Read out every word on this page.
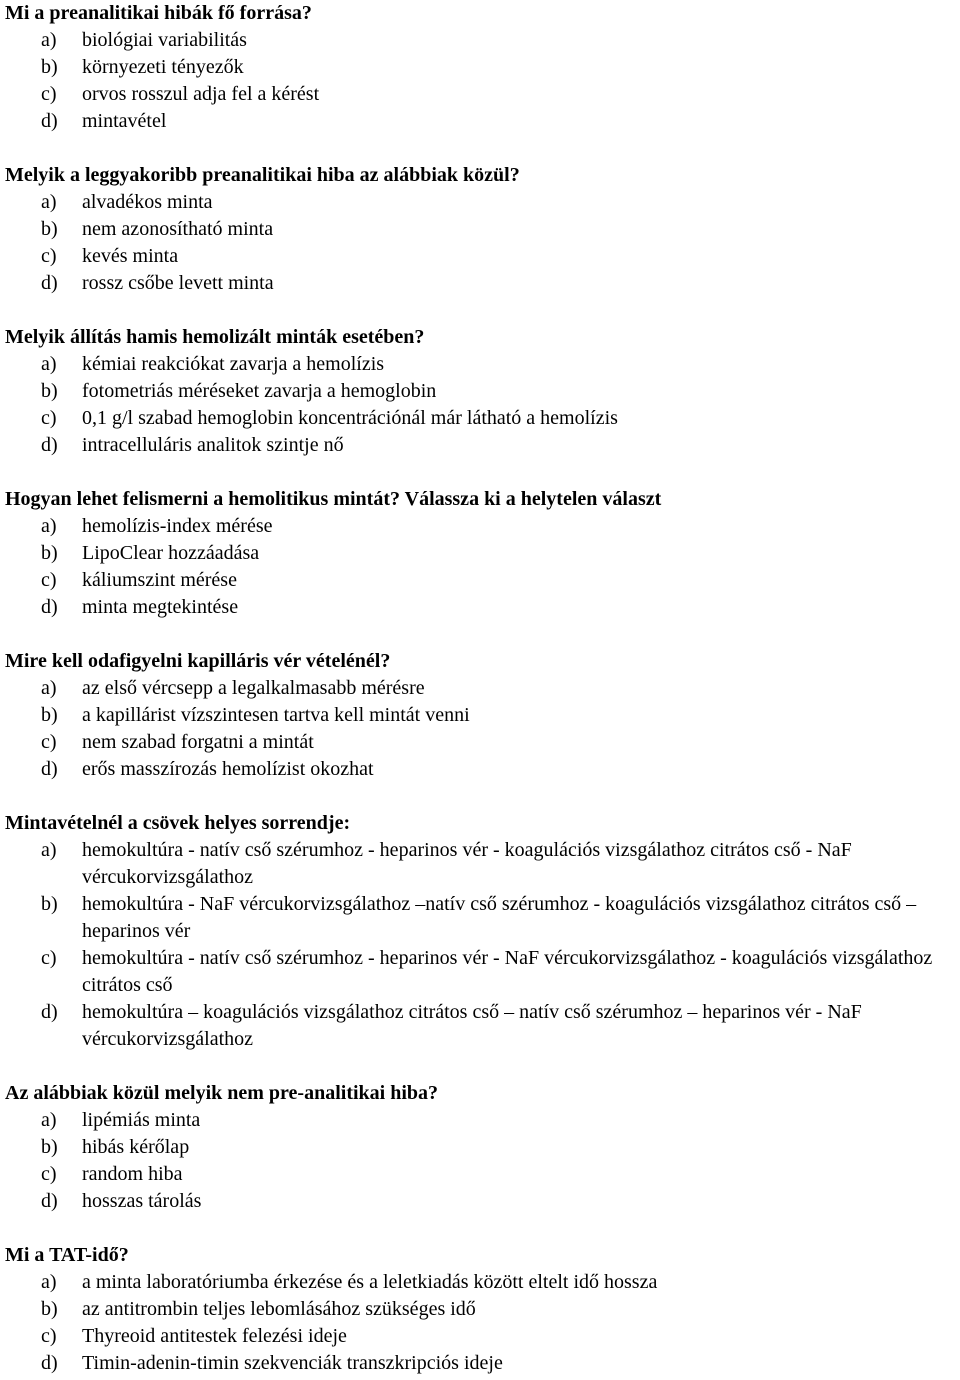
Mi a preanalitikai hibák fő forrása?

a)	biológiai variabilitás
b)	környezeti tényezők
c)	orvos rosszul adja fel a kérést
d)	mintavétel

Melyik a leggyakoribb preanalitikai hiba az alábbiak közül?

a)	alvadékos minta
b)	nem azonosítható minta
c)	kevés minta
d)	rossz csőbe levett minta

Melyik állítás hamis hemolizált minták esetében?

a)	kémiai reakciókat zavarja a hemolízis
b)	fotometriás méréseket zavarja a hemoglobin
c)	0,1 g/l szabad hemoglobin koncentrációnál már látható a hemolízis
d)	intracelluláris analitok szintje nő

Hogyan lehet felismerni a hemolitikus mintát? Válassza ki a helytelen választ

a)	hemolízis-index mérése
b)	LipoClear hozzáadása
c)	káliumszint mérése
d)	minta megtekintése

Mire kell odafigyelni kapilláris vér vételénél?

a)	az első vércsepp a legalkalmasabb mérésre
b)	a kapillárist vízszintesen tartva kell mintát venni
c)	nem szabad forgatni a mintát
d)	erős masszírozás hemolízist okozhat

Mintavételnél a csövek helyes sorrendje:

a)	hemokultúra - natív cső szérumhoz - heparinos vér - koagulációs vizsgálathoz citrátos cső - NaF vércukorvizsgálathoz
b)	hemokultúra - NaF vércukorvizsgálathoz –natív cső szérumhoz - koagulációs vizsgálathoz citrátos cső – heparinos vér
c)	hemokultúra - natív cső szérumhoz - heparinos vér - NaF vércukorvizsgálathoz - koagulációs vizsgálathoz citrátos cső
d)	hemokultúra – koagulációs vizsgálathoz citrátos cső – natív cső szérumhoz – heparinos vér - NaF vércukorvizsgálathoz

Az alábbiak közül melyik nem pre-analitikai hiba?

a)	lipémiás minta
b)	hibás kérőlap
c)	random hiba
d)	hosszas tárolás

Mi a TAT-idő?

a)	a minta laboratóriumba érkezése és a leletkiadás között eltelt idő hossza
b)	az antitrombin teljes lebomlásához szükséges idő
c)	Thyreoid antitestek felezési ideje
d)	Timin-adenin-timin szekvenciák transzkripciós ideje
